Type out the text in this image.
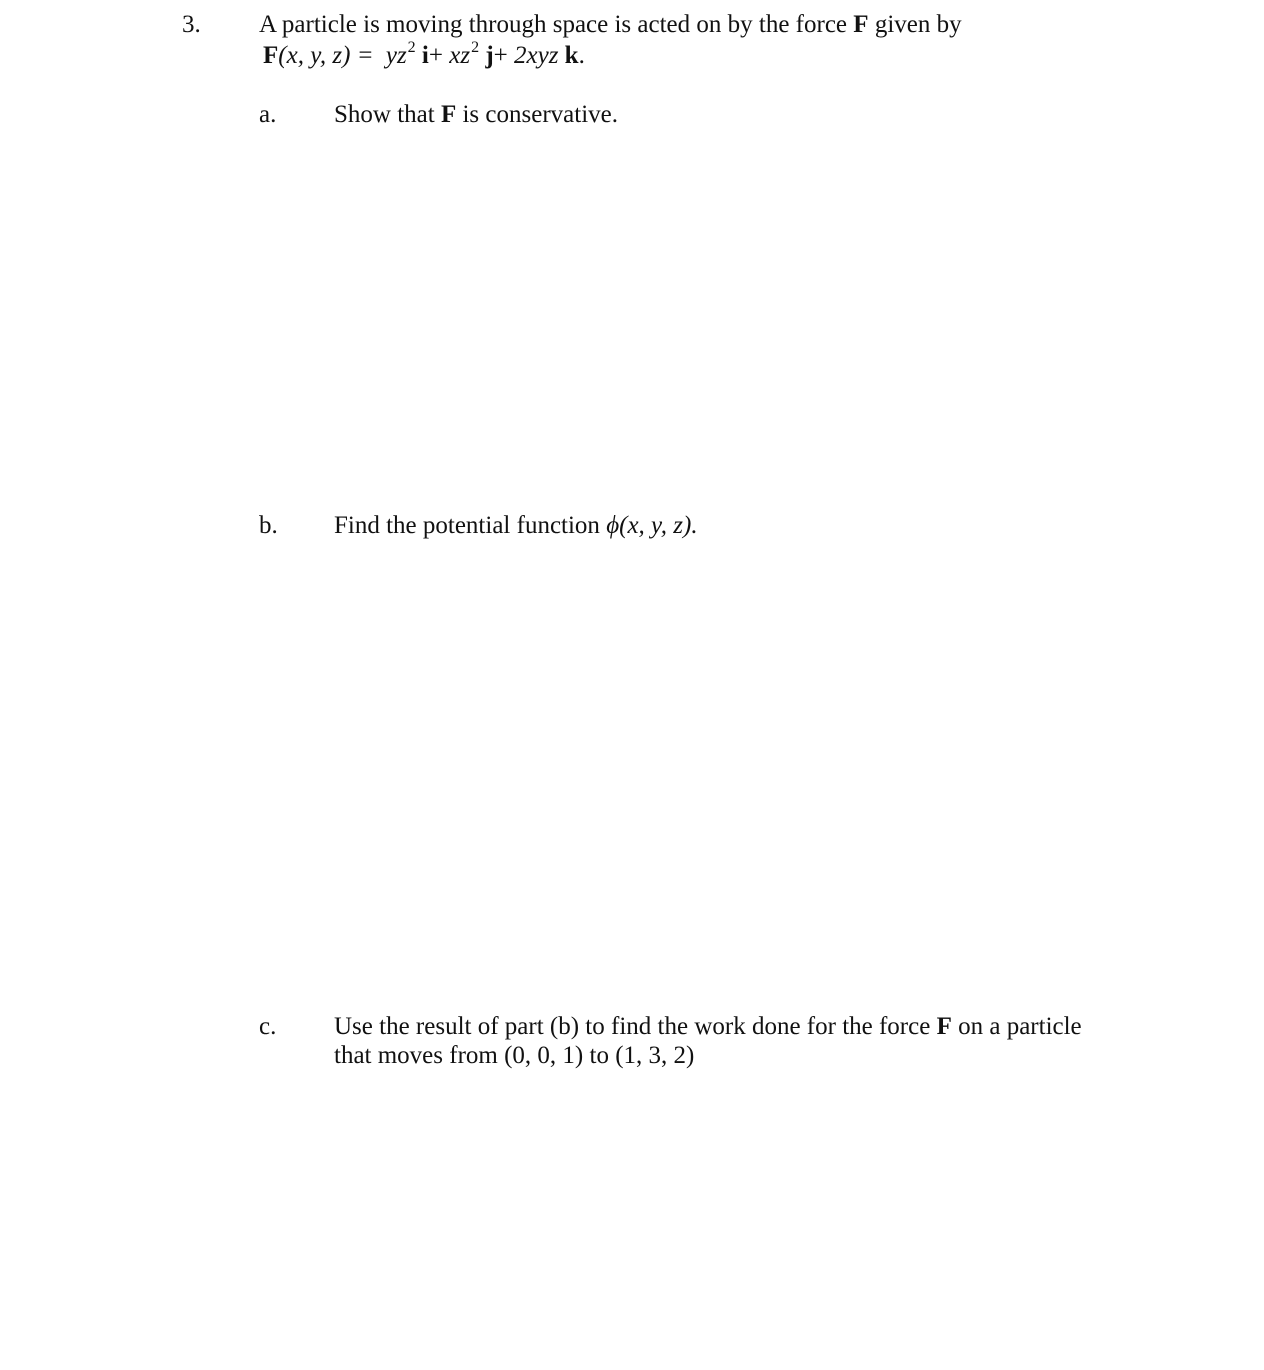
3. A particle is moving through space is acted on by the force F given by
F(x, y, $z) = yz^2$ $i+ xz^2$ j+ 2xyz k.
a. Show that F is conservative.
b. Find the potential function ϕ(x, y, z).
c. Use the result of part (b) to find the work done for the force F on a particle
that moves from (0, 0, 1) to (1, 3, 2)
